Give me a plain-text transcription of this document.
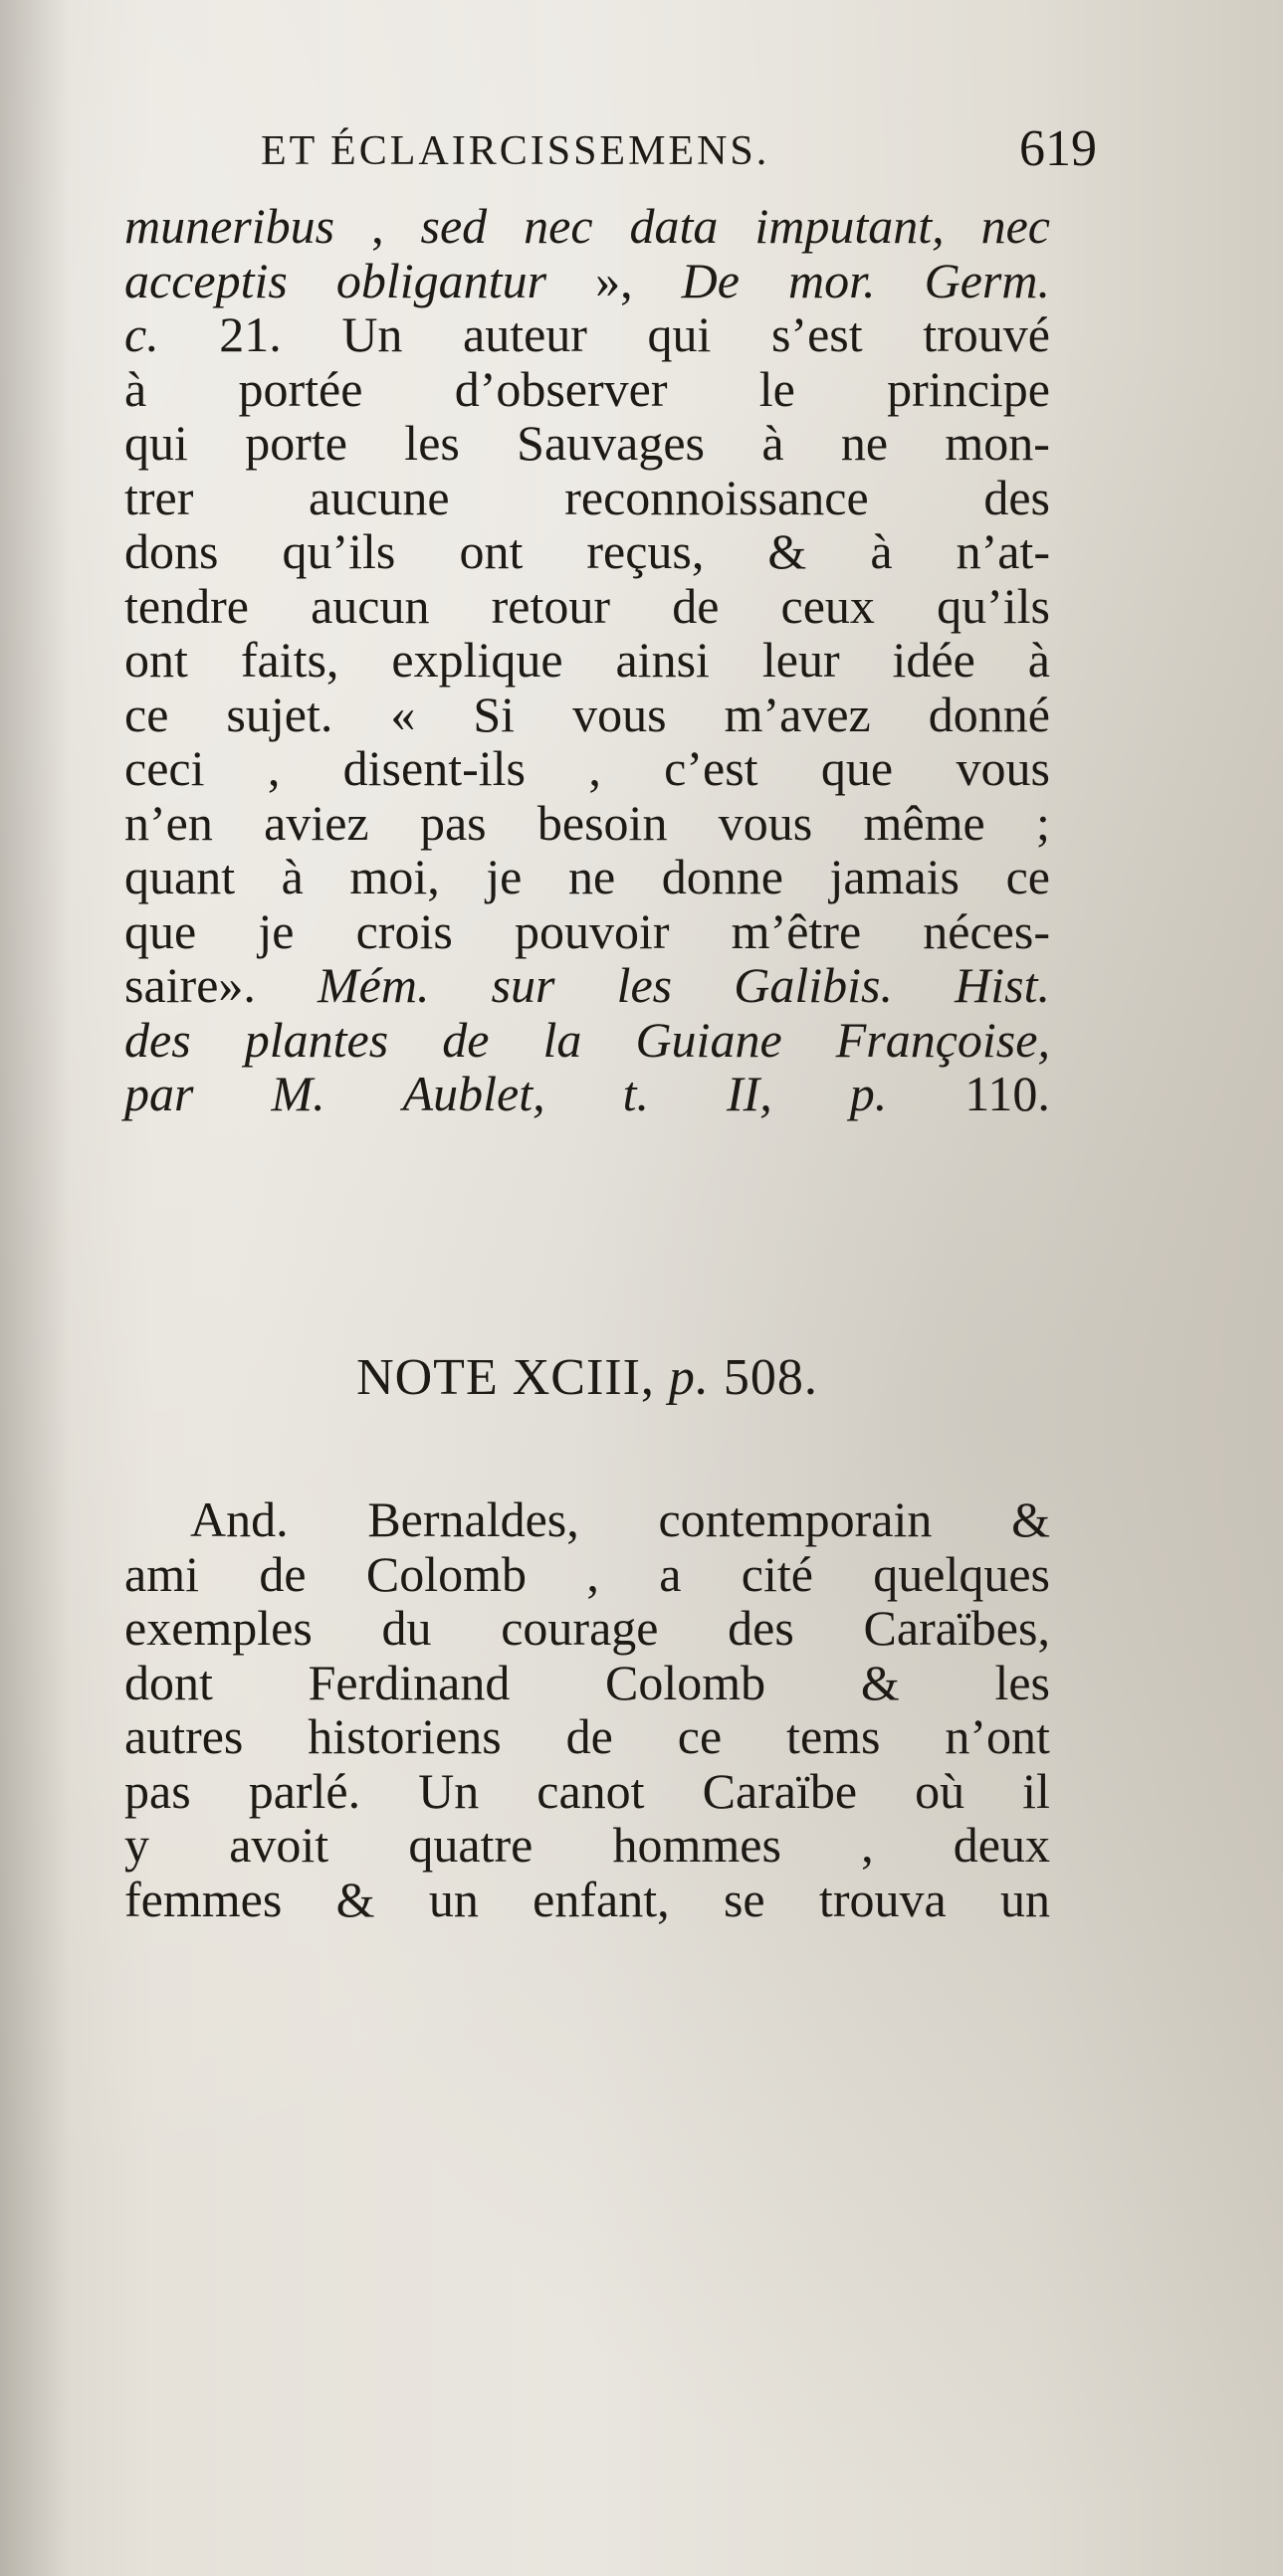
ET ÉCLAIRCISSEMENS.	619
muneribus , sed nec data imputant, nec
acceptis obligantur », De mor. Germ.
c. 21. Un auteur qui s’est trouvé
à portée d’observer le principe
qui porte les Sauvages à ne mon-
trer aucune reconnoissance des
dons qu’ils ont reçus, & à n’at-
tendre aucun retour de ceux qu’ils
ont faits, explique ainsi leur idée à
ce sujet. « Si vous m’avez donné
ceci , disent-ils , c’est que vous
n’en aviez pas besoin vous même ;
quant à moi, je ne donne jamais ce
que je crois pouvoir m’être néces-
saire». Mém. sur les Galibis. Hist.
des plantes de la Guiane Françoise,
par M. Aublet, t. II, p. 110.
NOTE XCIII, p. 508.
And. Bernaldes, contemporain &
ami de Colomb , a cité quelques
exemples du courage des Caraïbes,
dont Ferdinand Colomb & les
autres historiens de ce tems n’ont
pas parlé. Un canot Caraïbe où il
y avoit quatre hommes , deux
femmes & un enfant, se trouva un
